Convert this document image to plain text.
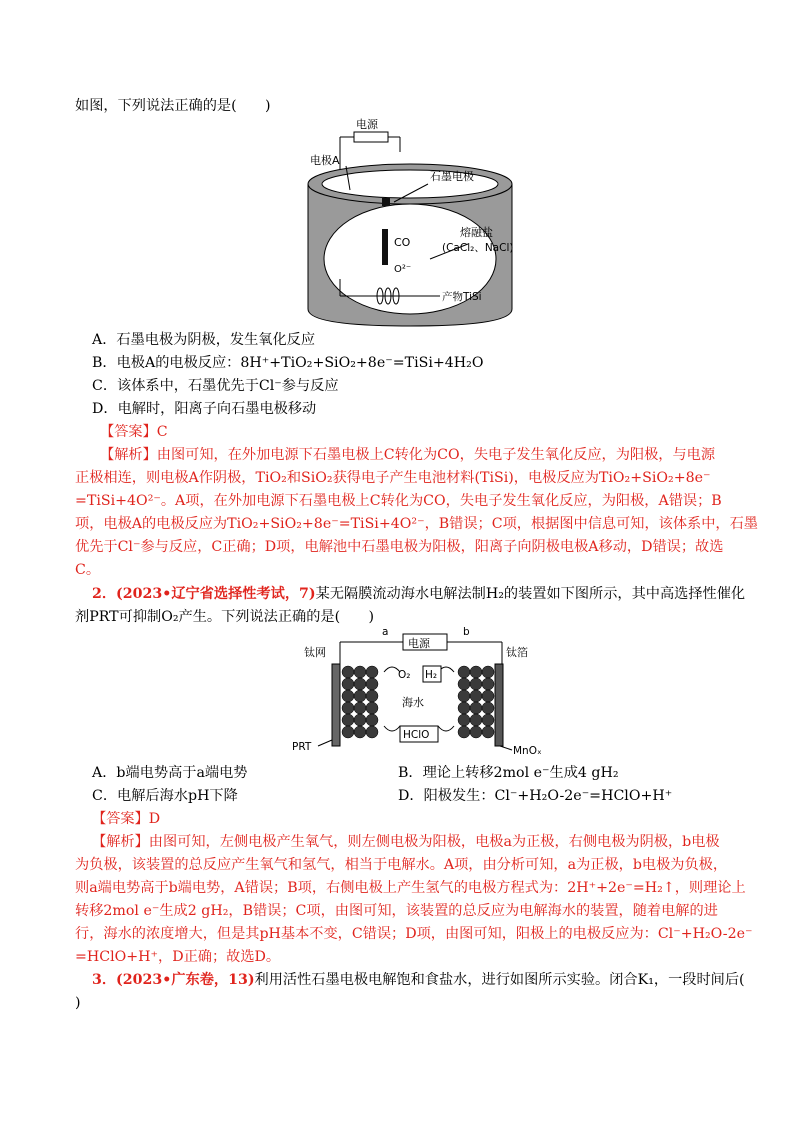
如图，下列说法正确的是(　　)
电源
电极A
石墨电极
熔融盐
(CaCl₂、NaCl)
CO
O²⁻
产物TiSi
A．石墨电极为阴极，发生氧化反应
B．电极A的电极反应：8H⁺+TiO₂+SiO₂+8e⁻=TiSi+4H₂O
C．该体系中，石墨优先于Cl⁻参与反应
D．电解时，阳离子向石墨电极移动
【答案】C
【解析】由图可知，在外加电源下石墨电极上C转化为CO，失电子发生氧化反应，为阳极，与电源
正极相连，则电极A作阴极，TiO₂和SiO₂获得电子产生电池材料(TiSi)，电极反应为TiO₂+SiO₂+8e⁻
=TiSi+4O²⁻。A项，在外加电源下石墨电极上C转化为CO，失电子发生氧化反应，为阳极，A错误；B
项，电极A的电极反应为TiO₂+SiO₂+8e⁻=TiSi+4O²⁻，B错误；C项，根据图中信息可知，该体系中，石墨
优先于Cl⁻参与反应，C正确；D项，电解池中石墨电极为阳极，阳离子向阴极电极A移动，D错误；故选
C。
2．(2023•辽宁省选择性考试，7)某无隔膜流动海水电解法制H₂的装置如下图所示，其中高选择性催化
剂PRT可抑制O₂产生。下列说法正确的是(　　)
a	b
电源
钛网	钛箔
O₂ H₂
海水
HClO
PRT	MnOₓ
A．b端电势高于a端电势	B．理论上转移2mol e⁻生成4 gH₂
C．电解后海水pH下降	D．阳极发生：Cl⁻+H₂O-2e⁻=HClO+H⁺
【答案】D
【解析】由图可知，左侧电极产生氧气，则左侧电极为阳极，电极a为正极，右侧电极为阴极，b电极
为负极，该装置的总反应产生氧气和氢气，相当于电解水。A项，由分析可知，a为正极，b电极为负极，
则a端电势高于b端电势，A错误；B项，右侧电极上产生氢气的电极方程式为：2H⁺+2e⁻=H₂↑，则理论上
转移2mol e⁻生成2 gH₂，B错误；C项，由图可知，该装置的总反应为电解海水的装置，随着电解的进
行，海水的浓度增大，但是其pH基本不变，C错误；D项，由图可知，阳极上的电极反应为：Cl⁻+H₂O-2e⁻
=HClO+H⁺，D正确；故选D。
3．(2023•广东卷，13)利用活性石墨电极电解饱和食盐水，进行如图所示实验。闭合K₁，一段时间后(
)
